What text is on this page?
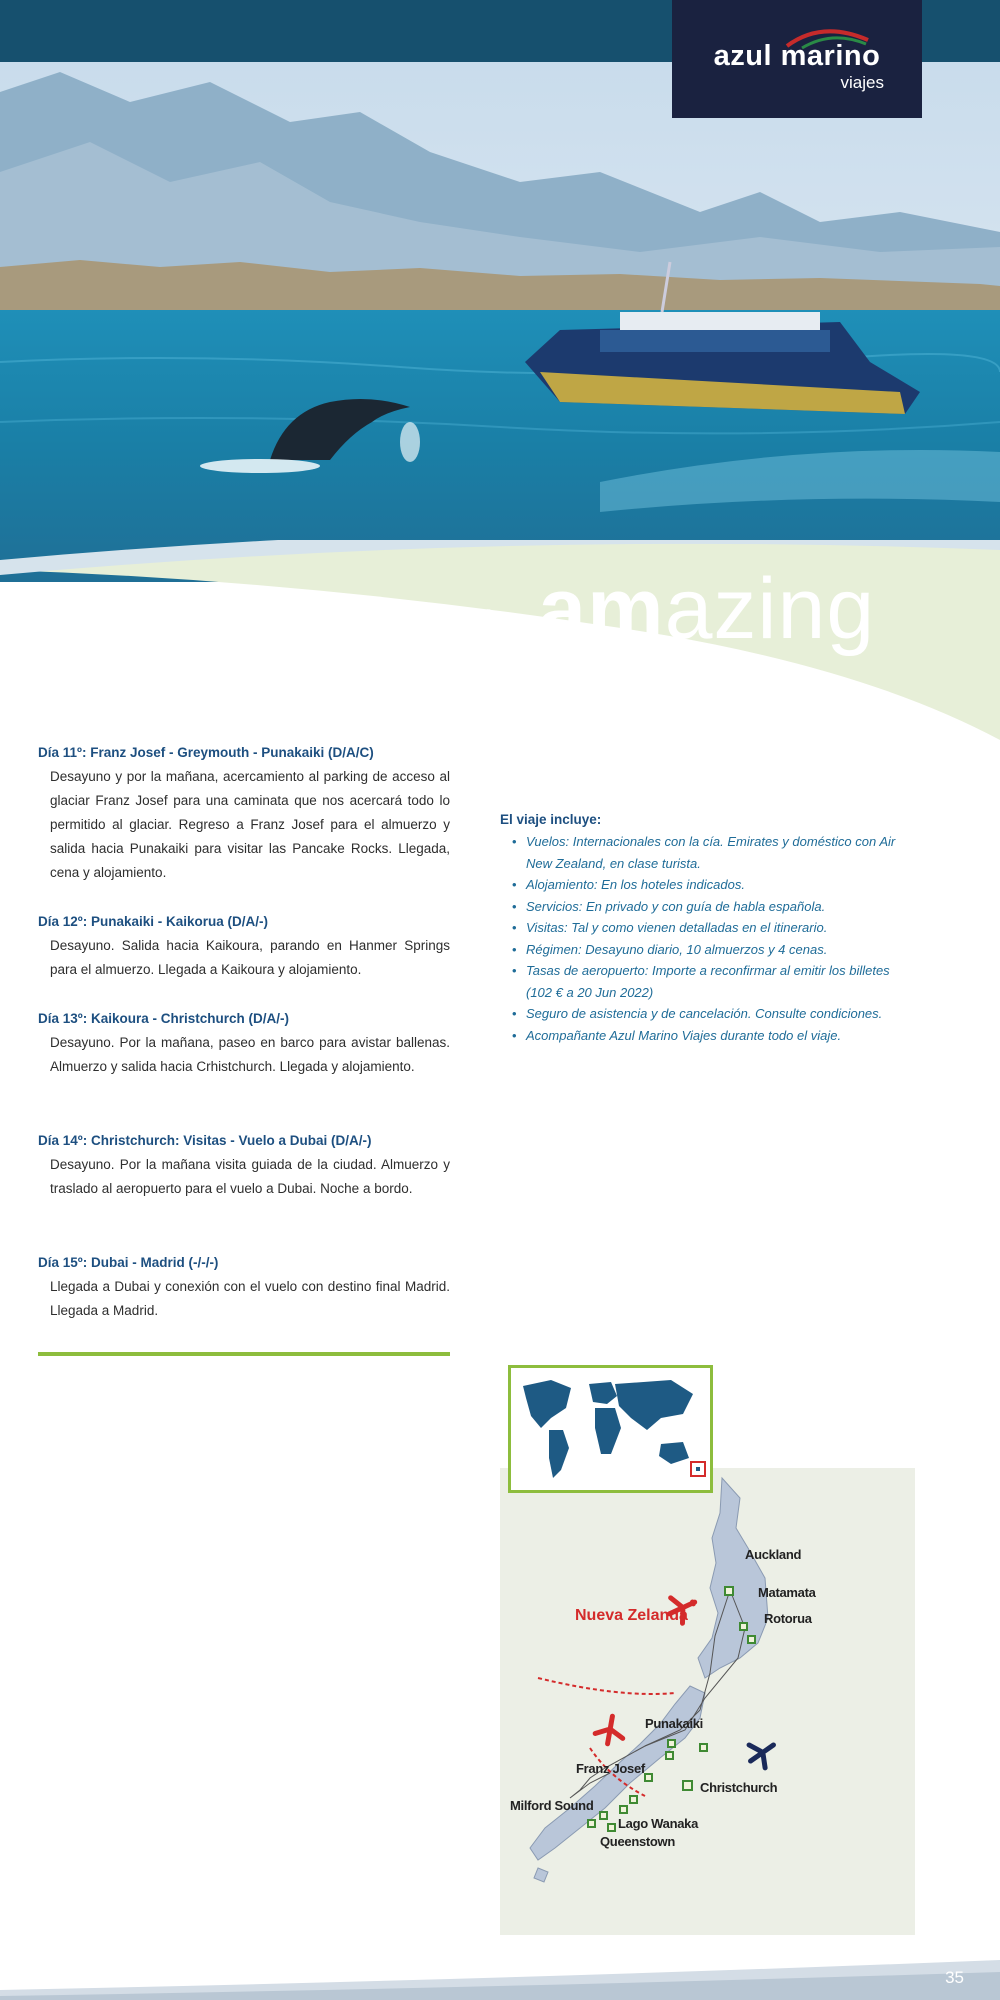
azul marino
viajes
viajesamazing
Día 11º: Franz Josef - Greymouth - Punakaiki (D/A/C)

Desayuno y por la mañana, acercamiento al parking de acceso al glaciar Franz Josef para una caminata que nos acercará todo lo permitido al glaciar. Regreso a Franz Josef para el almuerzo y salida hacia Punakaiki para visitar las Pancake Rocks. Llegada, cena y alojamiento.

Día 12º: Punakaiki - Kaikorua (D/A/-)

Desayuno. Salida hacia Kaikoura, parando en Hanmer Springs para el almuerzo. Llegada a Kaikoura y alojamiento.

Día 13º: Kaikoura - Christchurch (D/A/-)

Desayuno. Por la mañana, paseo en barco para avistar ballenas. Almuerzo y salida hacia Crhistchurch. Llegada y alojamiento.

Día 14º: Christchurch: Visitas - Vuelo a Dubai (D/A/-)

Desayuno. Por la mañana visita guiada de la ciudad. Almuerzo y traslado al aeropuerto para el vuelo a Dubai. Noche a bordo.

Día 15º: Dubai - Madrid (-/-/-)

Llegada a Dubai y conexión con el vuelo con destino final Madrid. Llegada a Madrid.

El viaje incluye:
• Vuelos: Internacionales con la cía. Emirates y doméstico con Air New Zealand, en clase turista.
• Alojamiento: En los hoteles indicados.
• Servicios: En privado y con guía de habla española.
• Visitas: Tal y como vienen detalladas en el itinerario.
• Régimen: Desayuno diario, 10 almuerzos y 4 cenas.
• Tasas de aeropuerto: Importe a reconfirmar al emitir los billetes (102 € a 20 Jun 2022)
• Seguro de asistencia y de cancelación. Consulte condiciones.
• Acompañante Azul Marino Viajes durante todo el viaje.
Nueva Zelanda
Auckland
Matamata
Rotorua
Punakaiki
Franz Josef
Christchurch
Milford Sound
Lago Wanaka
Queenstown
35
